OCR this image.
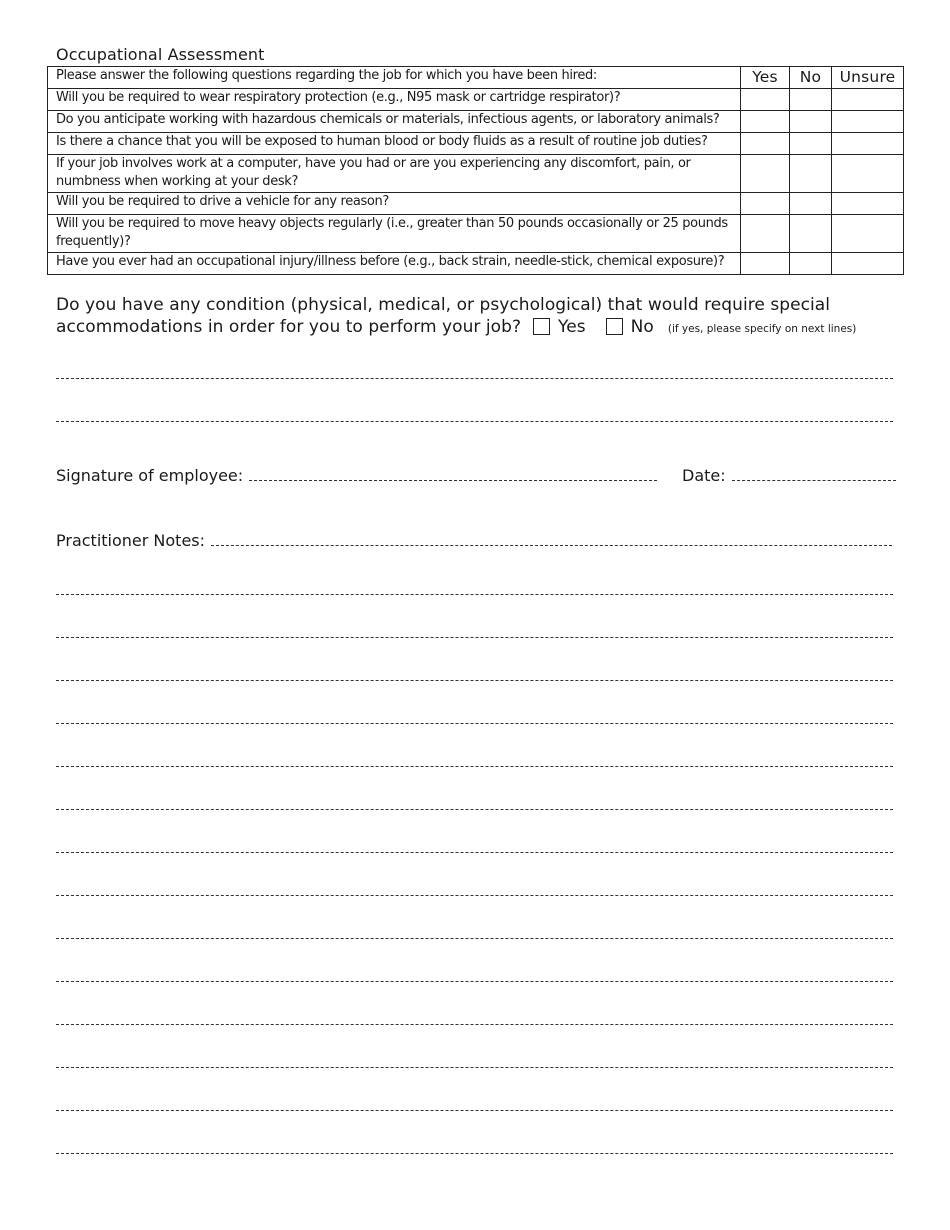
Occupational Assessment
Please answer the following questions regarding the job for which you have been hired:	Yes	No	Unsure
Will you be required to wear respiratory protection (e.g., N95 mask or cartridge respirator)?			
Do you anticipate working with hazardous chemicals or materials, infectious agents, or laboratory animals?			
Is there a chance that you will be exposed to human blood or body fluids as a result of routine job duties?			
If your job involves work at a computer, have you had or are you experiencing any discomfort, pain, or numbness when working at your desk?			
Will you be required to drive a vehicle for any reason?			
Will you be required to move heavy objects regularly (i.e., greater than 50 pounds occasionally or 25 pounds frequently)?			
Have you ever had an occupational injury/illness before (e.g., back strain, needle-stick, chemical exposure)?			
Do you have any condition (physical, medical, or psychological) that would require special
accommodations in order for you to perform your job? Yes	No (if yes, please specify on next lines)
Signature of employee:	Date:
Practitioner Notes:
